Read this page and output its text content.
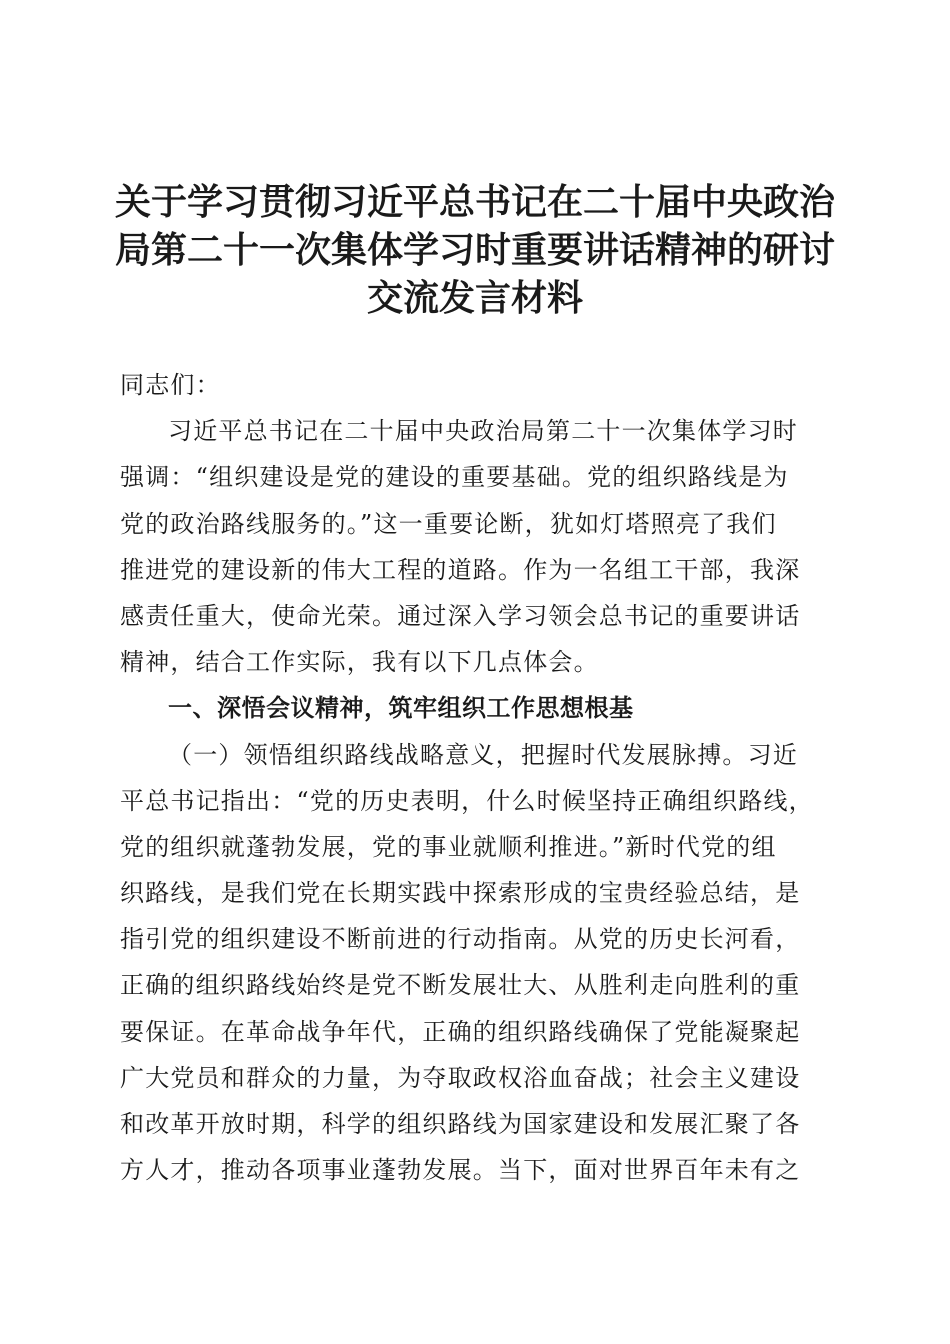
关于学习贯彻习近平总书记在二十届中央政治
局第二十一次集体学习时重要讲话精神的研讨
交流发言材料
同志们：
习近平总书记在二十届中央政治局第二十一次集体学习时
强调：“组织建设是党的建设的重要基础。党的组织路线是为
党的政治路线服务的。”这一重要论断，犹如灯塔照亮了我们
推进党的建设新的伟大工程的道路。作为一名组工干部，我深
感责任重大，使命光荣。通过深入学习领会总书记的重要讲话
精神，结合工作实际，我有以下几点体会。
一、深悟会议精神，筑牢组织工作思想根基
（一）领悟组织路线战略意义，把握时代发展脉搏。习近
平总书记指出：“党的历史表明，什么时候坚持正确组织路线，
党的组织就蓬勃发展，党的事业就顺利推进。”新时代党的组
织路线，是我们党在长期实践中探索形成的宝贵经验总结，是
指引党的组织建设不断前进的行动指南。从党的历史长河看，
正确的组织路线始终是党不断发展壮大、从胜利走向胜利的重
要保证。在革命战争年代，正确的组织路线确保了党能凝聚起
广大党员和群众的力量，为夺取政权浴血奋战；社会主义建设
和改革开放时期，科学的组织路线为国家建设和发展汇聚了各
方人才，推动各项事业蓬勃发展。当下，面对世界百年未有之
